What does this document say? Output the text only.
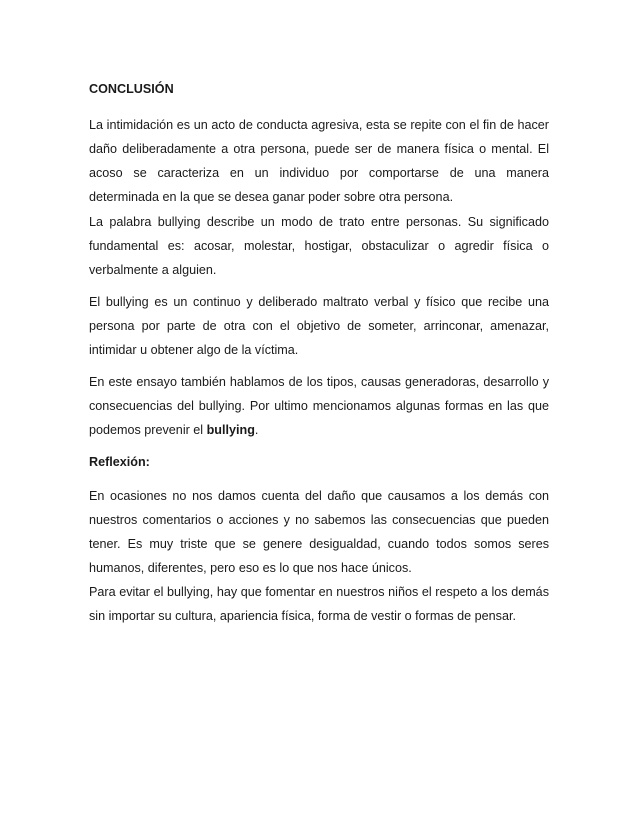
CONCLUSIÓN

La intimidación es un acto de conducta agresiva, esta se repite con el fin de hacer daño deliberadamente a otra persona, puede ser de manera física o mental. El acoso se caracteriza en un individuo por comportarse de una manera determinada en la que se desea ganar poder sobre otra persona.

La palabra bullying describe un modo de trato entre personas. Su significado fundamental es: acosar, molestar, hostigar, obstaculizar o agredir física o verbalmente a alguien.

El bullying es un continuo y deliberado maltrato verbal y físico que recibe una persona por parte de otra con el objetivo de someter, arrinconar, amenazar, intimidar u obtener algo de la víctima.

En este ensayo también hablamos de los tipos, causas generadoras, desarrollo y consecuencias del bullying. Por ultimo mencionamos algunas formas en las que podemos prevenir el bullying.

Reflexión:

En ocasiones no nos damos cuenta del daño que causamos a los demás con nuestros comentarios o acciones y no sabemos las consecuencias que pueden tener. Es muy triste que se genere desigualdad, cuando todos somos seres humanos, diferentes, pero eso es lo que nos hace únicos.

Para evitar el bullying, hay que fomentar en nuestros niños el respeto a los demás sin importar su cultura, apariencia física, forma de vestir o formas de pensar.
